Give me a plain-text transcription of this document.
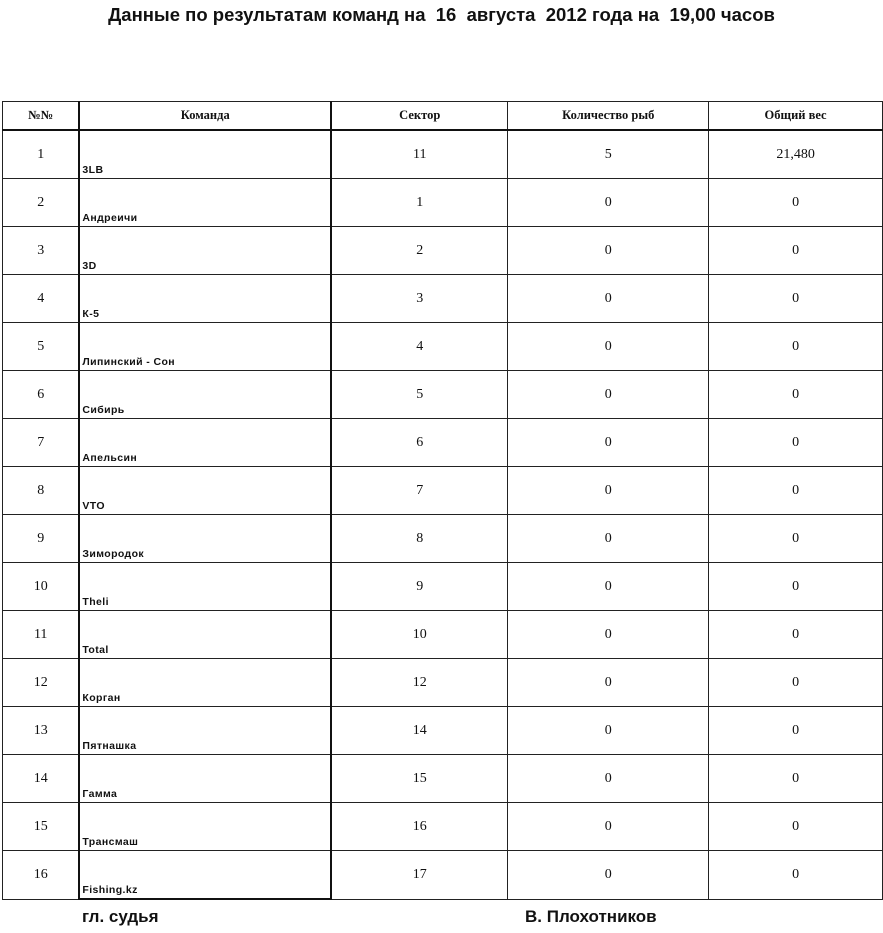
Данные по результатам команд на  16  августа  2012 года на  19,00 часов
№№	Команда	Сектор	Количество рыб	Общий вес
1	3LB	11	5	21,480
2	Андреичи	1	0	0
3	3D	2	0	0
4	К-5	3	0	0
5	Липинский - Сон	4	0	0
6	Сибирь	5	0	0
7	Апельсин	6	0	0
8	VTO	7	0	0
9	Зимородок	8	0	0
10	Theli	9	0	0
11	Total	10	0	0
12	Корган	12	0	0
13	Пятнашка	14	0	0
14	Гамма	15	0	0
15	Трансмаш	16	0	0
16	Fishing.kz	17	0	0
гл. судья	В. Плохотников
